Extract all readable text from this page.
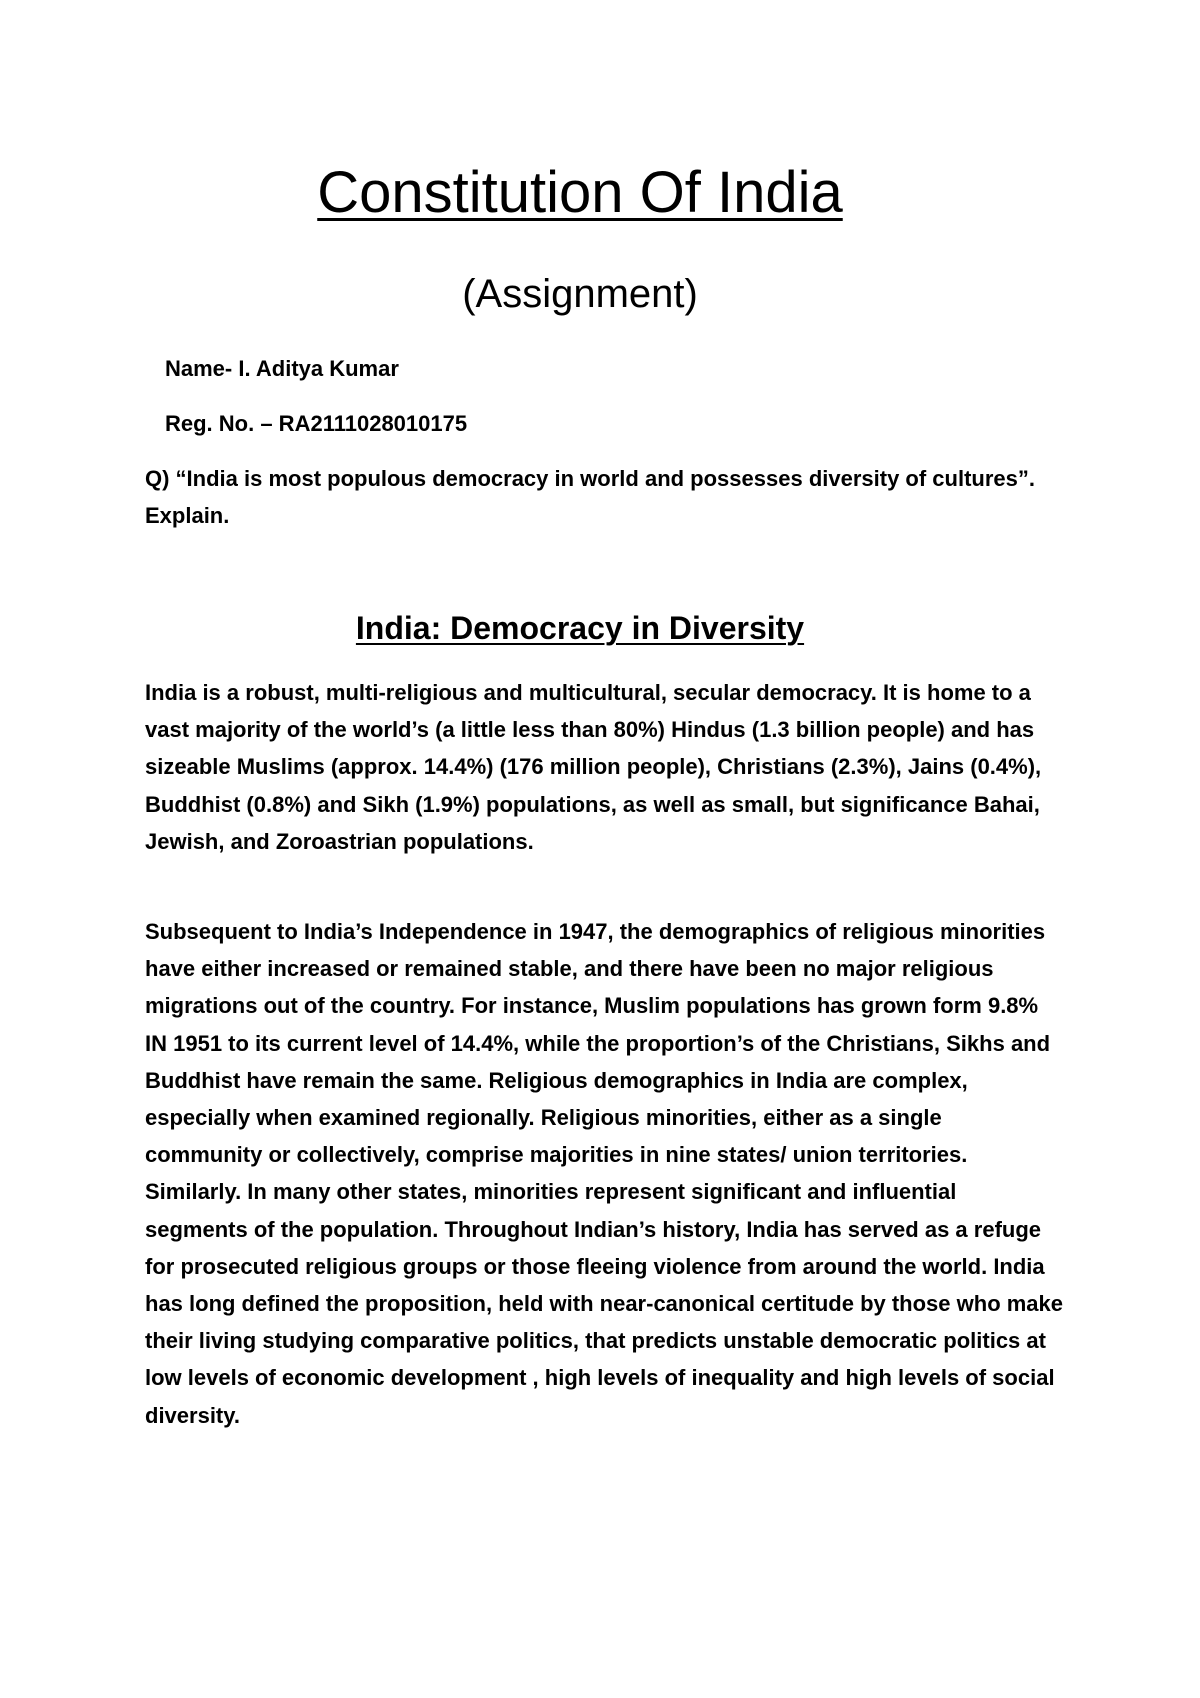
Constitution Of India
(Assignment)
Name- I. Aditya Kumar
Reg. No. – RA2111028010175

Q) “India is most populous democracy in world and possesses diversity of cultures”. Explain.

India: Democracy in Diversity

India is a robust, multi-religious and multicultural, secular democracy. It is home to a vast majority of the world’s (a little less than 80%) Hindus (1.3 billion people) and has sizeable Muslims (approx. 14.4%) (176 million people), Christians (2.3%), Jains (0.4%), Buddhist (0.8%) and Sikh (1.9%) populations, as well as small, but significance Bahai, Jewish, and Zoroastrian populations.

Subsequent to India’s Independence in 1947, the demographics of religious minorities have either increased or remained stable, and there have been no major religious migrations out of the country. For instance, Muslim populations has grown form 9.8% IN 1951 to its current level of 14.4%, while the proportion’s of the Christians, Sikhs and Buddhist have remain the same. Religious demographics in India are complex, especially when examined regionally. Religious minorities, either as a single community or collectively, comprise majorities in nine states/ union territories. Similarly. In many other states, minorities represent significant and influential segments of the population. Throughout Indian’s history, India has served as a refuge for prosecuted religious groups or those fleeing violence from around the world. India has long defined the proposition, held with near-canonical certitude by those who make their living studying comparative politics, that predicts unstable democratic politics at low levels of economic development , high levels of inequality and high levels of social diversity.
